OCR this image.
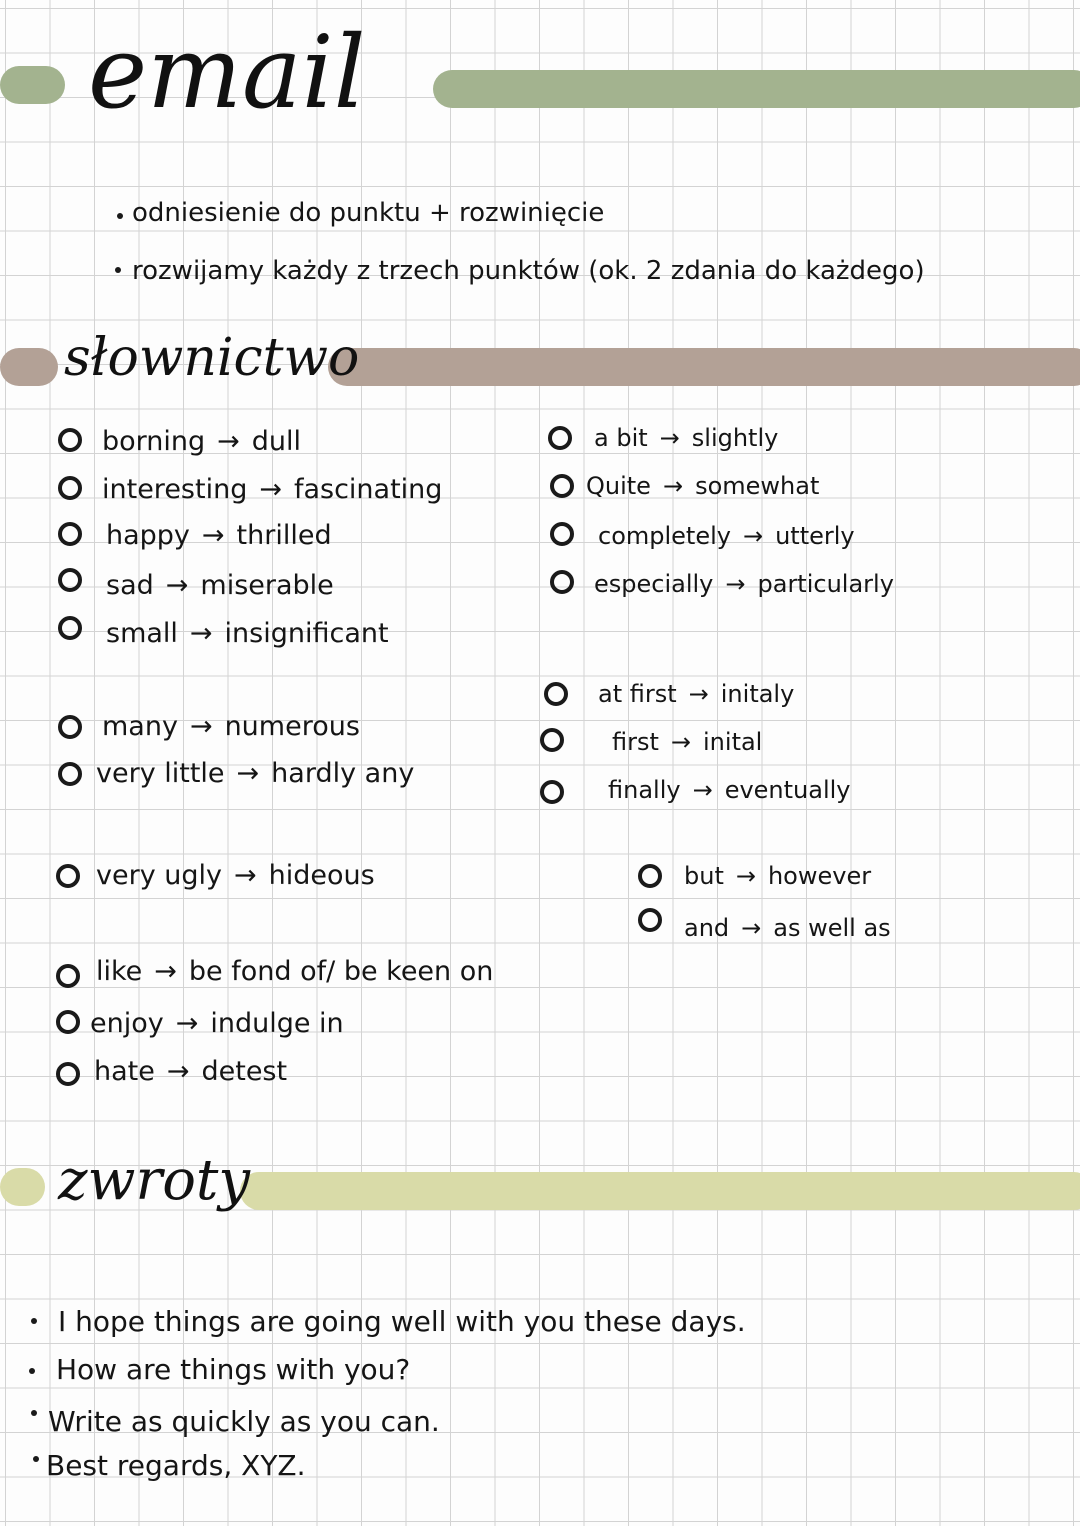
email
odniesienie do punktu + rozwinięcie
rozwijamy każdy z trzech punktów (ok. 2 zdania do każdego)
słownictwo
borning → dull
interesting → fascinating
happy → thrilled
sad → miserable
small → insignificant
many → numerous
very little → hardly any
very ugly → hideous
like → be fond of/ be keen on
enjoy → indulge in
hate → detest
a bit → slightly
Quite → somewhat
completely → utterly
especially → particularly
at first → initaly
first → inital
finally → eventually
but → however
and → as well as
zwroty
I hope things are going well with you these days.
How are things with you?
Write as quickly as you can.
Best regards, XYZ.
